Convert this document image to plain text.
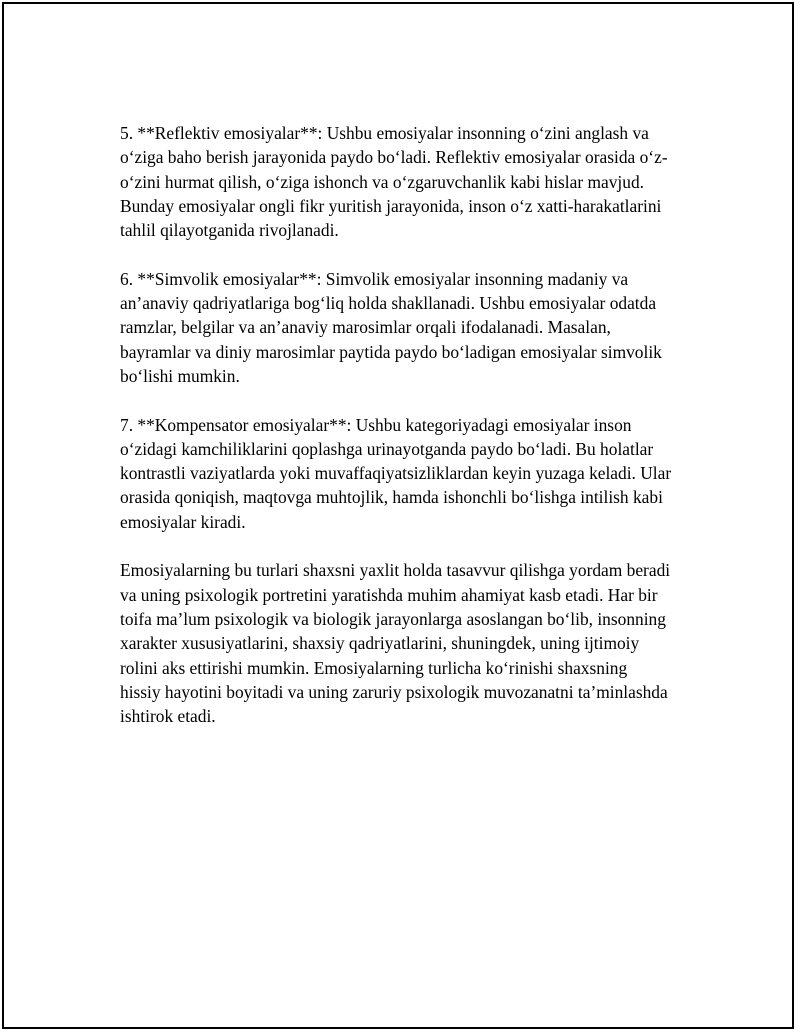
5. **Reflektiv emosiyalar**: Ushbu emosiyalar insonning o‘zini anglash va o‘ziga baho berish jarayonida paydo bo‘ladi. Reflektiv emosiyalar orasida o‘z-o‘zini hurmat qilish, o‘ziga ishonch va o‘zgaruvchanlik kabi hislar mavjud. Bunday emosiyalar ongli fikr yuritish jarayonida, inson o‘z xatti-harakatlarini tahlil qilayotganida rivojlanadi.

6. **Simvolik emosiyalar**: Simvolik emosiyalar insonning madaniy va an’anaviy qadriyatlariga bog‘liq holda shakllanadi. Ushbu emosiyalar odatda ramzlar, belgilar va an’anaviy marosimlar orqali ifodalanadi. Masalan, bayramlar va diniy marosimlar paytida paydo bo‘ladigan emosiyalar simvolik bo‘lishi mumkin.

7. **Kompensator emosiyalar**: Ushbu kategoriyadagi emosiyalar inson o‘zidagi kamchiliklarini qoplashga urinayotganda paydo bo‘ladi. Bu holatlar kontrastli vaziyatlarda yoki muvaffaqiyatsizliklardan keyin yuzaga keladi. Ular orasida qoniqish, maqtovga muhtojlik, hamda ishonchli bo‘lishga intilish kabi emosiyalar kiradi.

Emosiyalarning bu turlari shaxsni yaxlit holda tasavvur qilishga yordam beradi va uning psixologik portretini yaratishda muhim ahamiyat kasb etadi. Har bir toifa ma’lum psixologik va biologik jarayonlarga asoslangan bo‘lib, insonning xarakter xususiyatlarini, shaxsiy qadriyatlarini, shuningdek, uning ijtimoiy rolini aks ettirishi mumkin. Emosiyalarning turlicha ko‘rinishi shaxsning hissiy hayotini boyitadi va uning zaruriy psixologik muvozanatni ta’minlashda ishtirok etadi.
